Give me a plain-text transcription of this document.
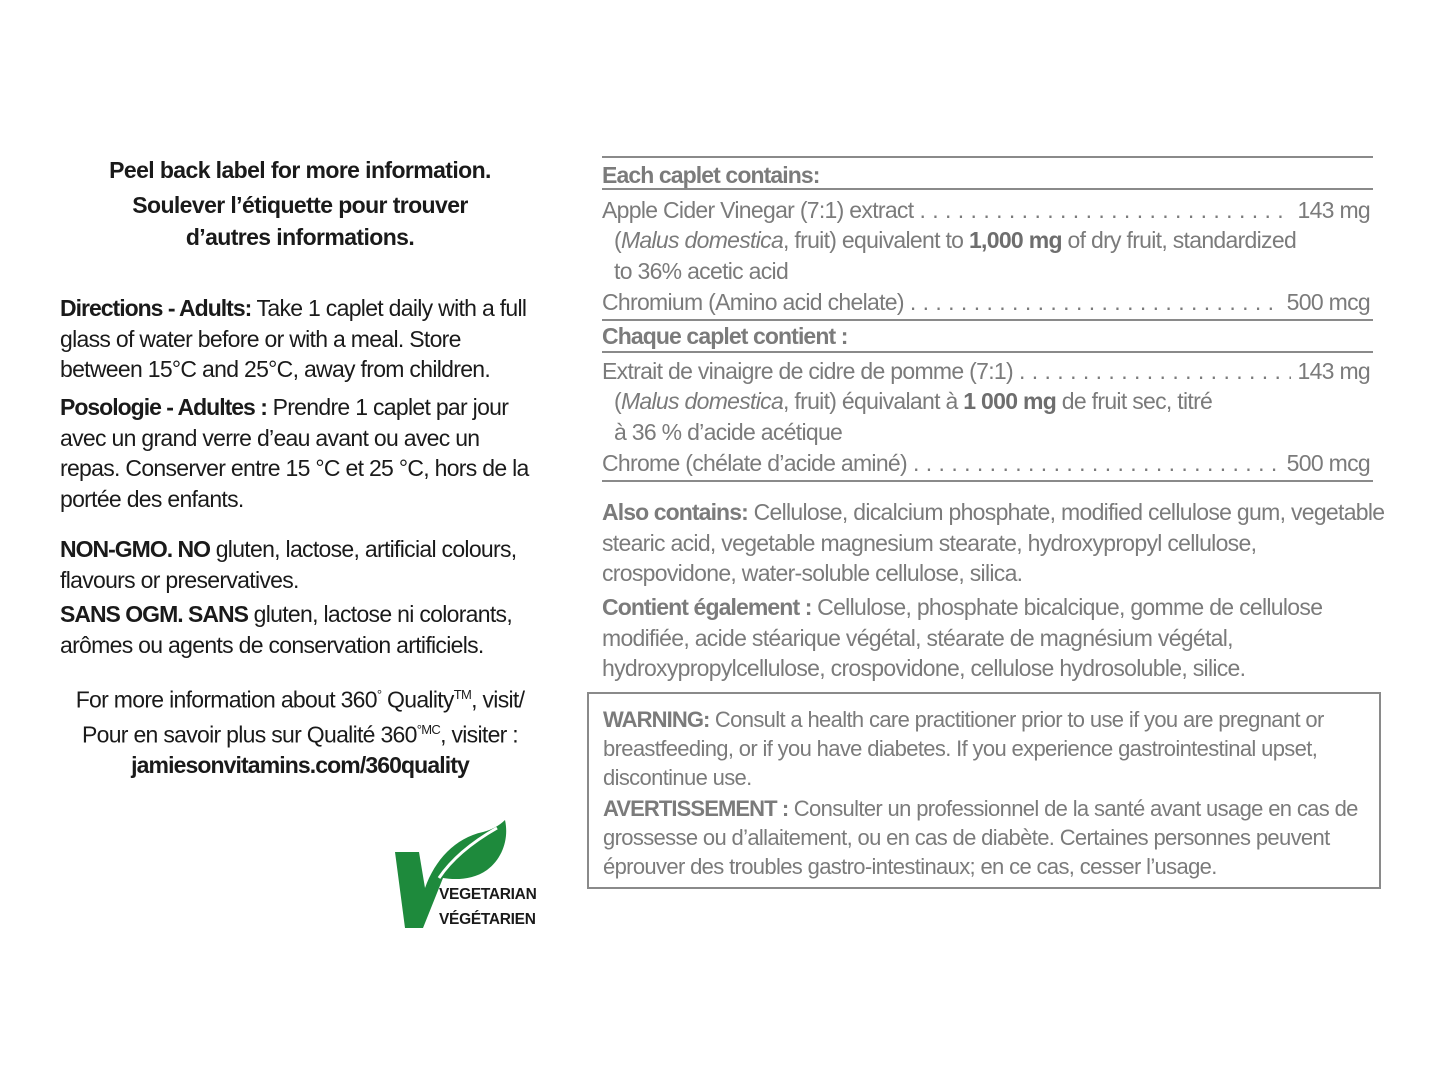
Peel back label for more information.
Soulever l’étiquette pour trouver
d’autres informations.
Directions - Adults: Take 1 caplet daily with a full glass of water before or with a meal. Store between 15°C and 25°C, away from children.
Posologie - Adultes : Prendre 1 caplet par jour avec un grand verre d’eau avant ou avec un repas. Conserver entre 15 °C et 25 °C, hors de la portée des enfants.
NON-GMO. NO gluten, lactose, artificial colours, flavours or preservatives.
SANS OGM. SANS gluten, lactose ni colorants, arômes ou agents de conservation artificiels.
For more information about 360° Quality™, visit/
Pour en savoir plus sur Qualité $360^{^\circ MC}$, visiter :
jamiesonvitamins.com/360quality
VEGETARIAN
VÉGÉTARIEN
Each caplet contains:
Apple Cider Vinegar (7:1) extract . . .	143 mg
(Malus domestica, fruit) equivalent to 1,000 mg of dry fruit, standardized
to 36% acetic acid
Chromium (Amino acid chelate) . . .	500 mcg
Chaque caplet contient :
Extrait de vinaigre de cidre de pomme (7:1) . . .	143 mg
(Malus domestica, fruit) équivalant à 1 000 mg de fruit sec, titré
à 36 % d’acide acétique
Chrome (chélate d’acide aminé) . . .	500 mcg
Also contains: Cellulose, dicalcium phosphate, modified cellulose gum, vegetable stearic acid, vegetable magnesium stearate, hydroxypropyl cellulose, crospovidone, water-soluble cellulose, silica.
Contient également : Cellulose, phosphate bicalcique, gomme de cellulose modifiée, acide stéarique végétal, stéarate de magnésium végétal, hydroxypropylcellulose, crospovidone, cellulose hydrosoluble, silice.
WARNING: Consult a health care practitioner prior to use if you are pregnant or breastfeeding, or if you have diabetes. If you experience gastrointestinal upset, discontinue use.
AVERTISSEMENT : Consulter un professionnel de la santé avant usage en cas de grossesse ou d’allaitement, ou en cas de diabète. Certaines personnes peuvent éprouver des troubles gastro-intestinaux; en ce cas, cesser l’usage.
